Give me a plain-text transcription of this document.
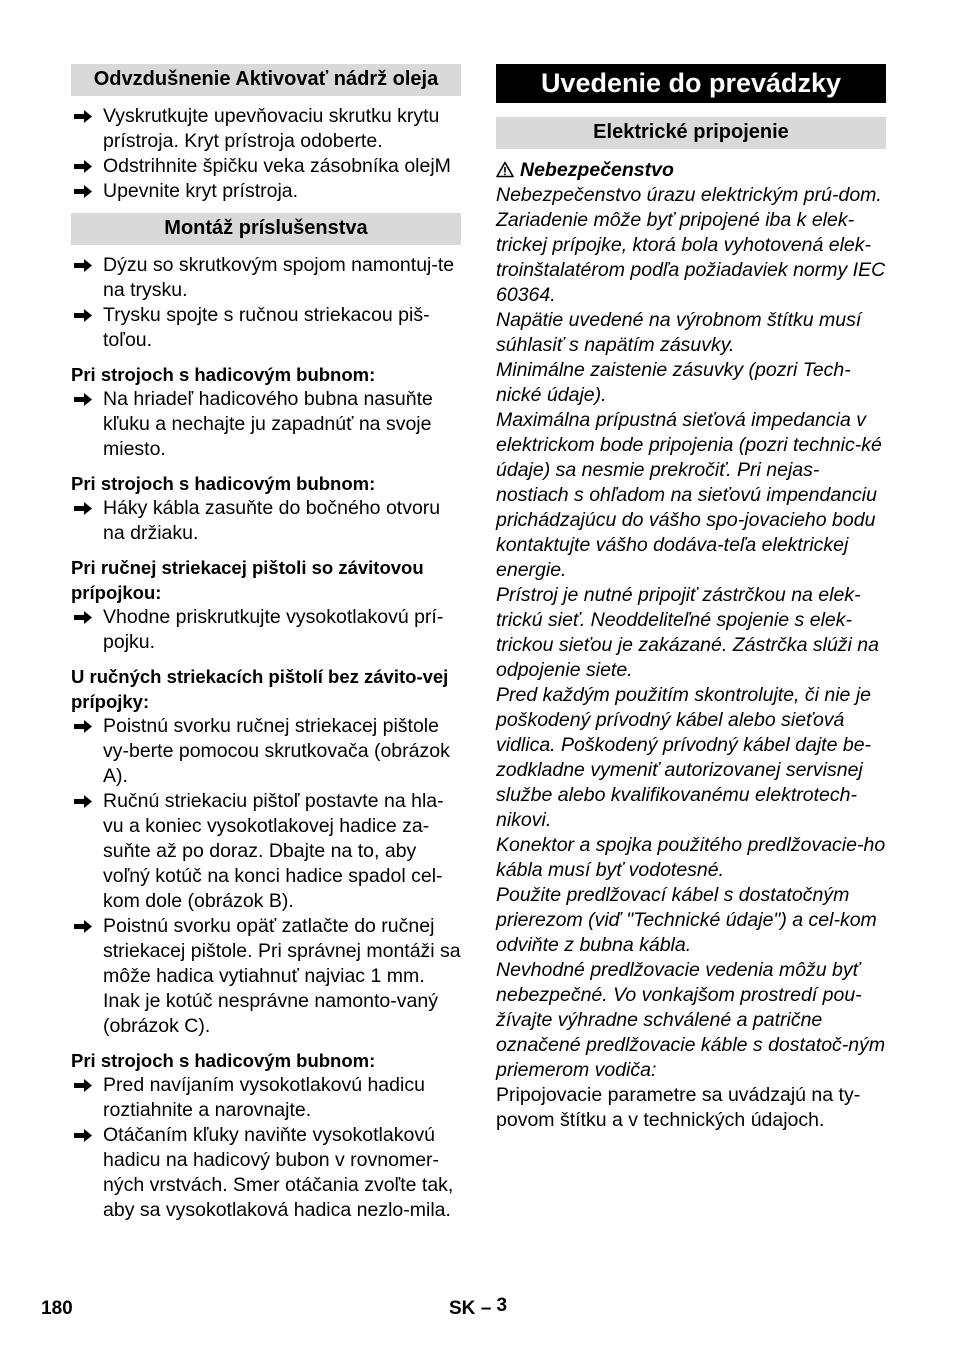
Odvzdušnenie Aktivovať nádrž oleja
Vyskrutkujte upevňovaciu skrutku krytu prístroja. Kryt prístroja odoberte.
Odstrihnite špičku veka zásobníka olejM
Upevnite kryt prístroja.
Montáž príslušenstva
Dýzu so skrutkovým spojom namontuj-te na trysku.
Trysku spojte s ručnou striekacou piš-toľou.
Pri strojoch s hadicovým bubnom:
Na hriadeľ hadicového bubna nasuňte kľuku a nechajte ju zapadnúť na svoje miesto.
Pri strojoch s hadicovým bubnom:
Háky kábla zasuňte do bočného otvoru na držiaku.
Pri ručnej striekacej pištoli so závitovou prípojkou:
Vhodne priskrutkujte vysokotlakovú prí-pojku.
U ručných striekacích pištolí bez závito-vej prípojky:
Poistnú svorku ručnej striekacej pištole vy-berte pomocou skrutkovača (obrázok A).
Ručnú striekaciu pištoľ postavte na hla-vu a koniec vysokotlakovej hadice za-suňte až po doraz. Dbajte na to, aby voľný kotúč na konci hadice spadol cel-kom dole (obrázok B).
Poistnú svorku opäť zatlačte do ručnej striekacej pištole. Pri správnej montáži sa môže hadica vytiahnuť najviac 1 mm. Inak je kotúč nesprávne namonto-vaný (obrázok C).
Pri strojoch s hadicovým bubnom:
Pred navíjaním vysokotlakovú hadicu roztiahnite a narovnajte.
Otáčaním kľuky naviňte vysokotlakovú hadicu na hadicový bubon v rovnomer-ných vrstvách. Smer otáčania zvoľte tak, aby sa vysokotlaková hadica nezlo-mila.
Uvedenie do prevádzky
Elektrické pripojenie
Nebezpečenstvo
Nebezpečenstvo úrazu elektrickým prú-dom.
Zariadenie môže byť pripojené iba k elek-trickej prípojke, ktorá bola vyhotovená elek-troinštalatérom podľa požiadaviek normy IEC 60364.
Napätie uvedené na výrobnom štítku musí súhlasiť s napätím zásuvky.
Minimálne zaistenie zásuvky (pozri Tech-nické údaje).
Maximálna prípustná sieťová impedancia v elektrickom bode pripojenia (pozri technic-ké údaje) sa nesmie prekročiť. Pri nejas-nostiach s ohľadom na sieťovú impendanciu prichádzajúcu do vášho spo-jovacieho bodu kontaktujte vášho dodáva-teľa elektrickej energie.
Prístroj je nutné pripojiť zástrčkou na elek-trickú sieť. Neoddeliteľné spojenie s elek-trickou sieťou je zakázané. Zástrčka slúži na odpojenie siete.
Pred každým použitím skontrolujte, či nie je poškodený prívodný kábel alebo sieťová vidlica. Poškodený prívodný kábel dajte be-zodkladne vymeniť autorizovanej servisnej službe alebo kvalifikovanému elektrotech-nikovi.
Konektor a spojka použitého predlžovacie-ho kábla musí byť vodotesné.
Použite predlžovací kábel s dostatočným prierezom (viď "Technické údaje") a cel-kom odviňte z bubna kábla.
Nevhodné predlžovacie vedenia môžu byť nebezpečné. Vo vonkajšom prostredí pou-žívajte výhradne schválené a patrične označené predlžovacie káble s dostatoč-ným priemerom vodiča:
Pripojovacie parametre sa uvádzajú na ty-povom štítku a v technických údajoch.
180	SK – 3
